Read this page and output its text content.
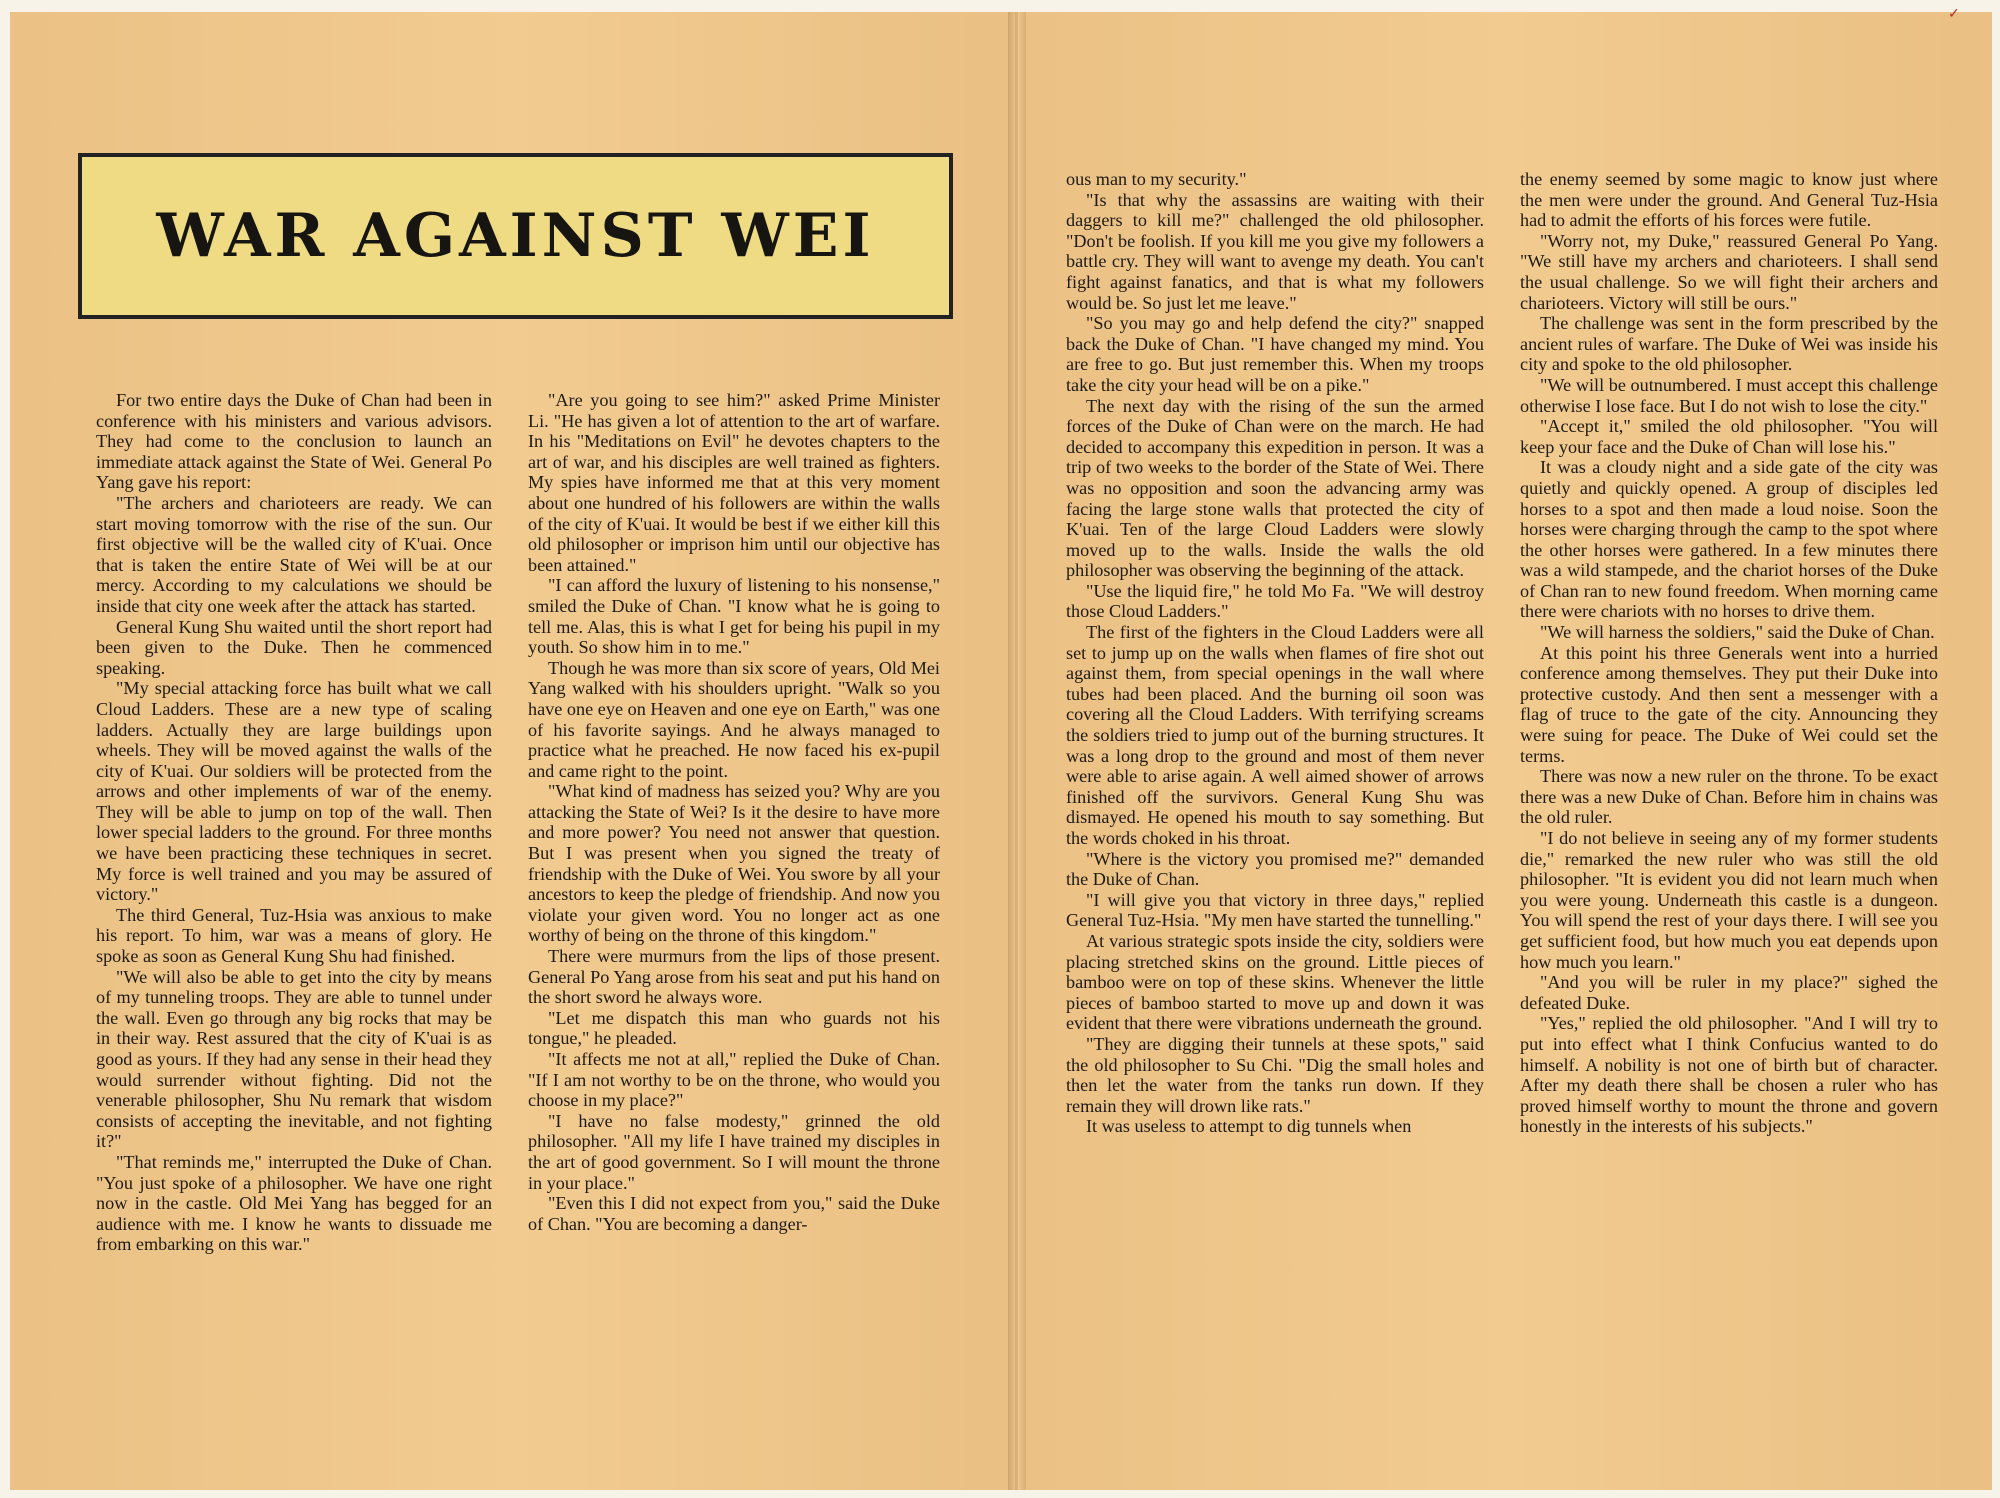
✓
WAR AGAINST WEI

For two entire days the Duke of Chan had been in conference with his ministers and various advisors. They had come to the conclusion to launch an immediate attack against the State of Wei. General Po Yang gave his report:

"The archers and charioteers are ready. We can start moving tomorrow with the rise of the sun. Our first objective will be the walled city of K'uai. Once that is taken the entire State of Wei will be at our mercy. According to my calculations we should be inside that city one week after the attack has started.

General Kung Shu waited until the short report had been given to the Duke. Then he commenced speaking.

"My special attacking force has built what we call Cloud Ladders. These are a new type of scaling ladders. Actually they are large buildings upon wheels. They will be moved against the walls of the city of K'uai. Our soldiers will be protected from the arrows and other implements of war of the enemy. They will be able to jump on top of the wall. Then lower special ladders to the ground. For three months we have been practicing these techniques in secret. My force is well trained and you may be assured of victory."

The third General, Tuz-Hsia was anxious to make his report. To him, war was a means of glory. He spoke as soon as General Kung Shu had finished.

"We will also be able to get into the city by means of my tunneling troops. They are able to tunnel under the wall. Even go through any big rocks that may be in their way. Rest assured that the city of K'uai is as good as yours. If they had any sense in their head they would surrender without fighting. Did not the venerable philosopher, Shu Nu remark that wisdom consists of accepting the inevitable, and not fighting it?"

"That reminds me," interrupted the Duke of Chan. "You just spoke of a philosopher. We have one right now in the castle. Old Mei Yang has begged for an audience with me. I know he wants to dissuade me from embarking on this war."

"Are you going to see him?" asked Prime Minister Li. "He has given a lot of attention to the art of warfare. In his "Meditations on Evil" he devotes chapters to the art of war, and his disciples are well trained as fighters. My spies have informed me that at this very moment about one hundred of his followers are within the walls of the city of K'uai. It would be best if we either kill this old philosopher or imprison him until our objective has been attained."

"I can afford the luxury of listening to his nonsense," smiled the Duke of Chan. "I know what he is going to tell me. Alas, this is what I get for being his pupil in my youth. So show him in to me."

Though he was more than six score of years, Old Mei Yang walked with his shoulders upright. "Walk so you have one eye on Heaven and one eye on Earth," was one of his favorite sayings. And he always managed to practice what he preached. He now faced his ex-pupil and came right to the point.

"What kind of madness has seized you? Why are you attacking the State of Wei? Is it the desire to have more and more power? You need not answer that question. But I was present when you signed the treaty of friendship with the Duke of Wei. You swore by all your ancestors to keep the pledge of friendship. And now you violate your given word. You no longer act as one worthy of being on the throne of this kingdom."

There were murmurs from the lips of those present. General Po Yang arose from his seat and put his hand on the short sword he always wore.

"Let me dispatch this man who guards not his tongue," he pleaded.

"It affects me not at all," replied the Duke of Chan. "If I am not worthy to be on the throne, who would you choose in my place?"

"I have no false modesty," grinned the old philosopher. "All my life I have trained my disciples in the art of good government. So I will mount the throne in your place."

"Even this I did not expect from you," said the Duke of Chan. "You are becoming a danger-

ous man to my security."

"Is that why the assassins are waiting with their daggers to kill me?" challenged the old philosopher. "Don't be foolish. If you kill me you give my followers a battle cry. They will want to avenge my death. You can't fight against fanatics, and that is what my followers would be. So just let me leave."

"So you may go and help defend the city?" snapped back the Duke of Chan. "I have changed my mind. You are free to go. But just remember this. When my troops take the city your head will be on a pike."

The next day with the rising of the sun the armed forces of the Duke of Chan were on the march. He had decided to accompany this expedition in person. It was a trip of two weeks to the border of the State of Wei. There was no opposition and soon the advancing army was facing the large stone walls that protected the city of K'uai. Ten of the large Cloud Ladders were slowly moved up to the walls. Inside the walls the old philosopher was observing the beginning of the attack.

"Use the liquid fire," he told Mo Fa. "We will destroy those Cloud Ladders."

The first of the fighters in the Cloud Ladders were all set to jump up on the walls when flames of fire shot out against them, from special openings in the wall where tubes had been placed. And the burning oil soon was covering all the Cloud Ladders. With terrifying screams the soldiers tried to jump out of the burning structures. It was a long drop to the ground and most of them never were able to arise again. A well aimed shower of arrows finished off the survivors. General Kung Shu was dismayed. He opened his mouth to say something. But the words choked in his throat.

"Where is the victory you promised me?" demanded the Duke of Chan.

"I will give you that victory in three days," replied General Tuz-Hsia. "My men have started the tunnelling."

At various strategic spots inside the city, soldiers were placing stretched skins on the ground. Little pieces of bamboo were on top of these skins. Whenever the little pieces of bamboo started to move up and down it was evident that there were vibrations underneath the ground.

"They are digging their tunnels at these spots," said the old philosopher to Su Chi. "Dig the small holes and then let the water from the tanks run down. If they remain they will drown like rats."

It was useless to attempt to dig tunnels when

the enemy seemed by some magic to know just where the men were under the ground. And General Tuz-Hsia had to admit the efforts of his forces were futile.

"Worry not, my Duke," reassured General Po Yang. "We still have my archers and charioteers. I shall send the usual challenge. So we will fight their archers and charioteers. Victory will still be ours."

The challenge was sent in the form prescribed by the ancient rules of warfare. The Duke of Wei was inside his city and spoke to the old philosopher.

"We will be outnumbered. I must accept this challenge otherwise I lose face. But I do not wish to lose the city."

"Accept it," smiled the old philosopher. "You will keep your face and the Duke of Chan will lose his."

It was a cloudy night and a side gate of the city was quietly and quickly opened. A group of disciples led horses to a spot and then made a loud noise. Soon the horses were charging through the camp to the spot where the other horses were gathered. In a few minutes there was a wild stampede, and the chariot horses of the Duke of Chan ran to new found freedom. When morning came there were chariots with no horses to drive them.

"We will harness the soldiers," said the Duke of Chan.

At this point his three Generals went into a hurried conference among themselves. They put their Duke into protective custody. And then sent a messenger with a flag of truce to the gate of the city. Announcing they were suing for peace. The Duke of Wei could set the terms.

There was now a new ruler on the throne. To be exact there was a new Duke of Chan. Before him in chains was the old ruler.

"I do not believe in seeing any of my former students die," remarked the new ruler who was still the old philosopher. "It is evident you did not learn much when you were young. Underneath this castle is a dungeon. You will spend the rest of your days there. I will see you get sufficient food, but how much you eat depends upon how much you learn."

"And you will be ruler in my place?" sighed the defeated Duke.

"Yes," replied the old philosopher. "And I will try to put into effect what I think Confucius wanted to do himself. A nobility is not one of birth but of character. After my death there shall be chosen a ruler who has proved himself worthy to mount the throne and govern honestly in the interests of his subjects."
